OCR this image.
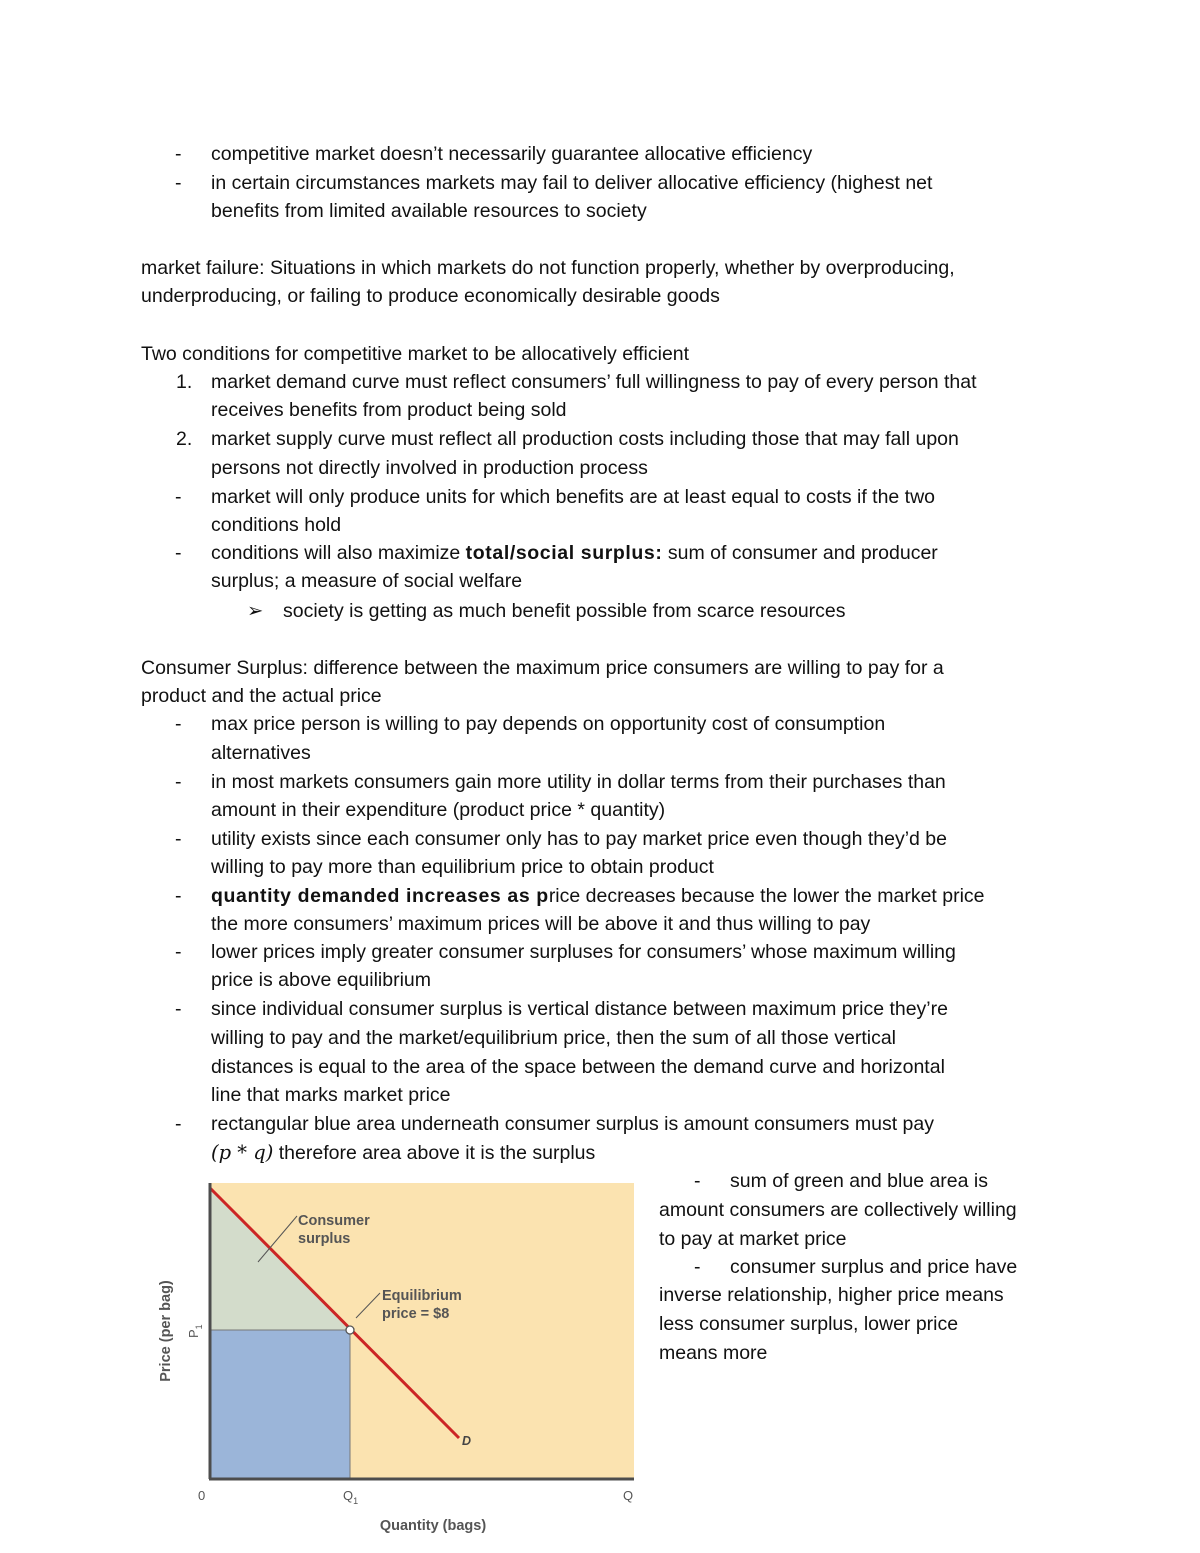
- competitive market doesn’t necessarily guarantee allocative efficiency
- in certain circumstances markets may fail to deliver allocative efficiency (highest net
benefits from limited available resources to society
market failure: Situations in which markets do not function properly, whether by overproducing,
underproducing, or failing to produce economically desirable goods
Two conditions for competitive market to be allocatively efficient
1. market demand curve must reflect consumers’ full willingness to pay of every person that
receives benefits from product being sold
2. market supply curve must reflect all production costs including those that may fall upon
persons not directly involved in production process
- market will only produce units for which benefits are at least equal to costs if the two
conditions hold
- conditions will also maximize total/social surplus: sum of consumer and producer
surplus; a measure of social welfare
➢ society is getting as much benefit possible from scarce resources
Consumer Surplus: difference between the maximum price consumers are willing to pay for a
product and the actual price
- max price person is willing to pay depends on opportunity cost of consumption
alternatives
- in most markets consumers gain more utility in dollar terms from their purchases than
amount in their expenditure (product price * quantity)
- utility exists since each consumer only has to pay market price even though they’d be
willing to pay more than equilibrium price to obtain product
- quantity demanded increases as price decreases because the lower the market price
the more consumers’ maximum prices will be above it and thus willing to pay
- lower prices imply greater consumer surpluses for consumers’ whose maximum willing
price is above equilibrium
- since individual consumer surplus is vertical distance between maximum price they’re
willing to pay and the market/equilibrium price, then the sum of all those vertical
distances is equal to the area of the space between the demand curve and horizontal
line that marks market price
- rectangular blue area underneath consumer surplus is amount consumers must pay
(p * q) therefore area above it is the surplus
- sum of green and blue area is
amount consumers are collectively willing
to pay at market price
- consumer surplus and price have
inverse relationship, higher price means
less consumer surplus, lower price
means more
Consumer
surplus
Equilibrium
price = $8
D
0	$Q_1$	Q
$P_1$
Price (per bag)
Quantity (bags)
